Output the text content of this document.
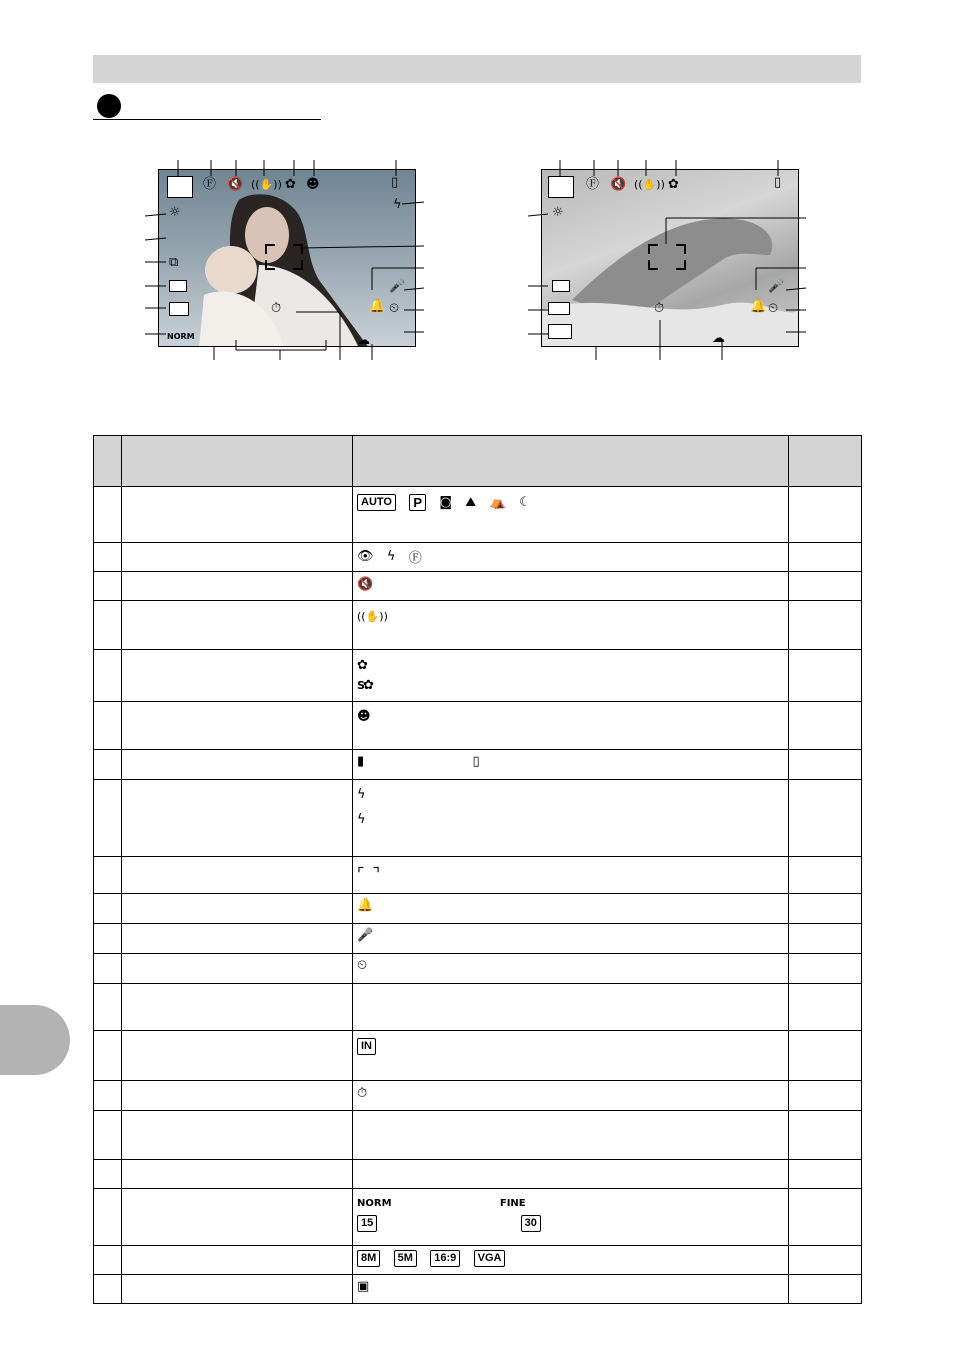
Ⓕ 🔇 ((✋)) ✿ ☻	▯
ϟ
☼
⧉
NORM
🔔
🎤
⏲
⏱
☁
Ⓕ 🔇 ((✋)) ✿	▯
☼
🔔
🎤
⏲
⏱
☁

		AUTO P ◙ ⛰ ⛺ ☾	

		👁 ϟ Ⓕ	

		🔇	

		((✋))	

		✿
S✿	

		☻	

		▮ ▯	

		ϟ
ϟ	

		⌜⌝	

		🔔	

		🎤	

		⏲	

		IN	

		⏱	

		NORM FINE
15 30	

		8M 5M 16:9 VGA	

		▣	
